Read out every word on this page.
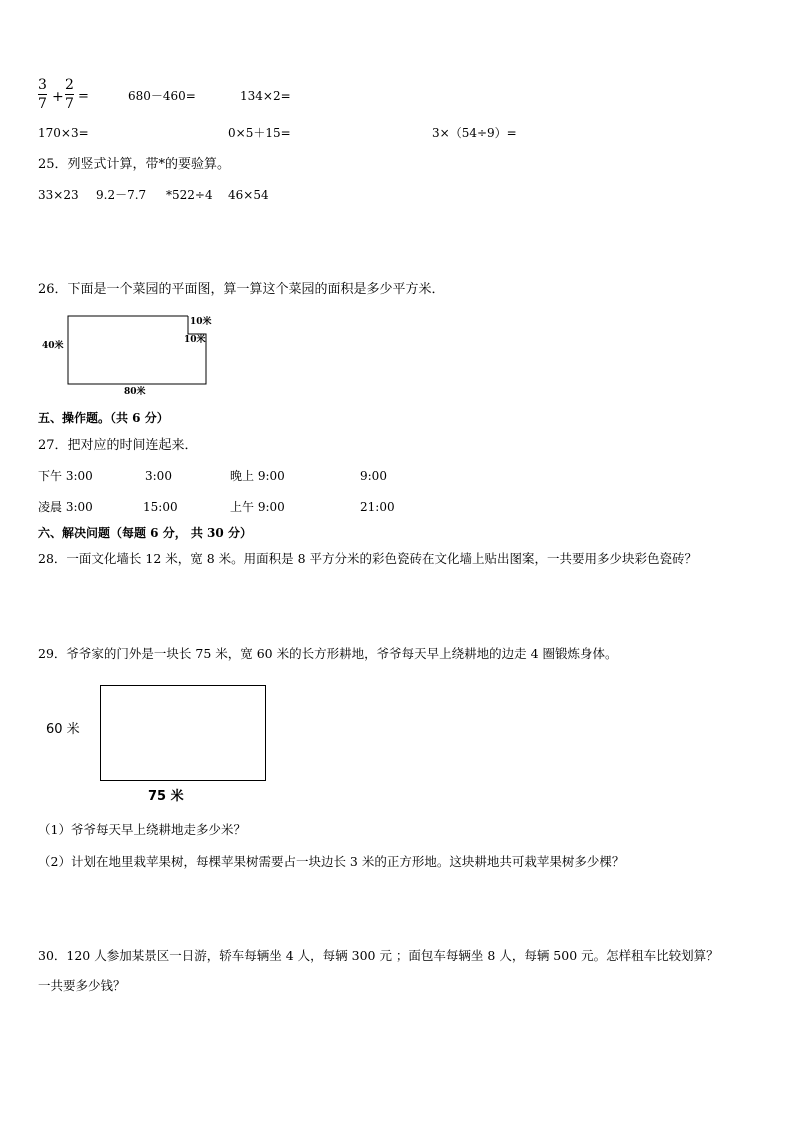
3
7 +
2
7 =	680－460=	134×2=
170×3=	0×5＋15=	3×（54÷9）=
25．列竖式计算，带*的要验算。
33×23 9.2－7.7 *522÷4 46×54
26．下面是一个菜园的平面图，算一算这个菜园的面积是多少平方米．
40米
80米
10米
10米
五、操作题。（共 6 分）
27．把对应的时间连起来．
下午 3:00	3:00	晚上 9:00	9:00
凌晨 3:00	15:00	上午 9:00	21:00
六、解决问题（每题 6 分， 共 30 分）
28．一面文化墙长 12 米，宽 8 米。用面积是 8 平方分米的彩色瓷砖在文化墙上贴出图案，一共要用多少块彩色瓷砖？
29．爷爷家的门外是一块长 75 米，宽 60 米的长方形耕地，爷爷每天早上绕耕地的边走 4 圈锻炼身体。
60 米
75 米
（1）爷爷每天早上绕耕地走多少米？
（2）计划在地里栽苹果树，每棵苹果树需要占一块边长 3 米的正方形地。这块耕地共可栽苹果树多少棵？
30．120 人参加某景区一日游，轿车每辆坐 4 人，每辆 300 元 ；面包车每辆坐 8 人，每辆 500 元。怎样租车比较划算？
一共要多少钱？
